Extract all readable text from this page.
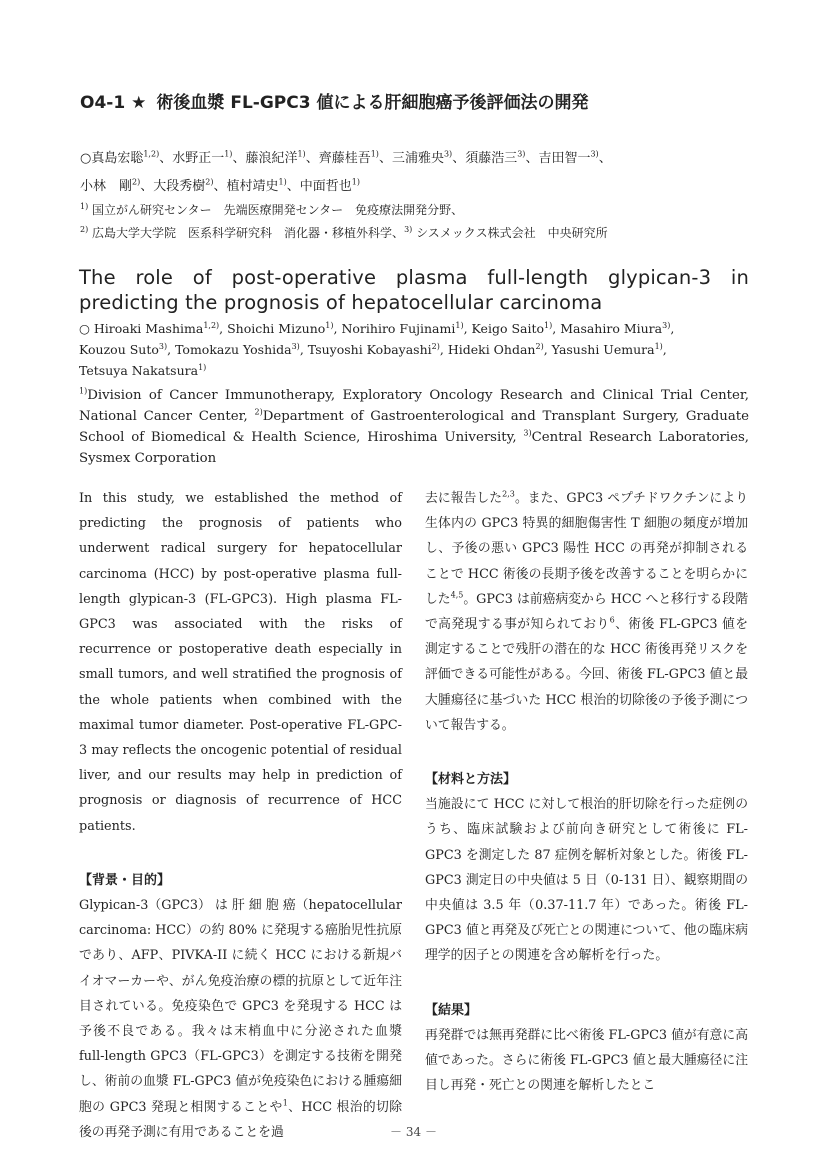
O4-1 ★ 術後血漿 FL-GPC3 値による肝細胞癌予後評価法の開発
○真島宏聡$^{1,2)}$、水野正一$^{1)}$、藤浪紀洋$^{1)}$、齊藤桂吾$^{1)}$、三浦雅央$^{3)}$、須藤浩三$^{3)}$、吉田智一$^{3)}$、
小林　剛$^{2)}$、大段秀樹$^{2)}$、植村靖史$^{1)}$、中面哲也$^{1)}$
$^{1)}$ 国立がん研究センター　先端医療開発センター　免疫療法開発分野、
$^{2)}$ 広島大学大学院　医系科学研究科　消化器・移植外科学、$^{3)}$ シスメックス株式会社　中央研究所
The role of post-operative plasma full-length glypican-3 in predicting the prognosis of hepatocellular carcinoma
○ Hiroaki Mashima$^{1,2)}$, Shoichi Mizuno$^{1)}$, Norihiro Fujinami$^{1)}$, Keigo Saito$^{1)}$, Masahiro Miura$^{3)}$,
Kouzou Suto$^{3)}$, Tomokazu Yoshida$^{3)}$, Tsuyoshi Kobayashi$^{2)}$, Hideki Ohdan$^{2)}$, Yasushi Uemura$^{1)}$,
Tetsuya Nakatsura$^{1)}$
$^{1)}$Division of Cancer Immunotherapy, Exploratory Oncology Research and Clinical Trial Center, National Cancer Center, $^{2)}$Department of Gastroenterological and Transplant Surgery, Graduate School of Biomedical & Health Science, Hiroshima University, $^{3)}$Central Research Laboratories, Sysmex Corporation

In this study, we established the method of predicting the prognosis of patients who underwent radical surgery for hepatocellular carcinoma (HCC) by post-operative plasma full-length glypican-3 (FL-GPC3). High plasma FL-GPC3 was associated with the risks of recurrence or postoperative death especially in small tumors, and well stratified the prognosis of the whole patients when combined with the maximal tumor diameter. Post-operative FL-GPC-3 may reflects the oncogenic potential of residual liver, and our results may help in prediction of prognosis or diagnosis of recurrence of HCC patients.

【背景・目的】

Glypican-3（GPC3） は 肝 細 胞 癌（hepatocellular carcinoma: HCC）の約 80% に発現する癌胎児性抗原であり、AFP、PIVKA-II に続く HCC における新規バイオマーカーや、がん免疫治療の標的抗原として近年注目されている。免疫染色で GPC3 を発現する HCC は予後不良である。我々は末梢血中に分泌された血漿 full-length GPC3（FL-GPC3）を測定する技術を開発し、術前の血漿 FL-GPC3 値が免疫染色における腫瘍細胞の GPC3 発現と相関することや$^1$、HCC 根治的切除後の再発予測に有用であることを過

去に報告した$^{2,3}$。また、GPC3 ペプチドワクチンにより生体内の GPC3 特異的細胞傷害性 T 細胞の頻度が増加し、予後の悪い GPC3 陽性 HCC の再発が抑制されることで HCC 術後の長期予後を改善することを明らかにした$^{4,5}$。GPC3 は前癌病変から HCC へと移行する段階で高発現する事が知られており$^6$、術後 FL-GPC3 値を測定することで残肝の潜在的な HCC 術後再発リスクを評価できる可能性がある。今回、術後 FL-GPC3 値と最大腫瘍径に基づいた HCC 根治的切除後の予後予測について報告する。

【材料と方法】

当施設にて HCC に対して根治的肝切除を行った症例のうち、臨床試験および前向き研究として術後に FL-GPC3 を測定した 87 症例を解析対象とした。術後 FL-GPC3 測定日の中央値は 5 日（0-131 日）、観察期間の中央値は 3.5 年（0.37-11.7 年）であった。術後 FL-GPC3 値と再発及び死亡との関連について、他の臨床病理学的因子との関連を含め解析を行った。

【結果】

再発群では無再発群に比べ術後 FL-GPC3 値が有意に高値であった。さらに術後 FL-GPC3 値と最大腫瘍径に注目し再発・死亡との関連を解析したとこ

－ 34 －
